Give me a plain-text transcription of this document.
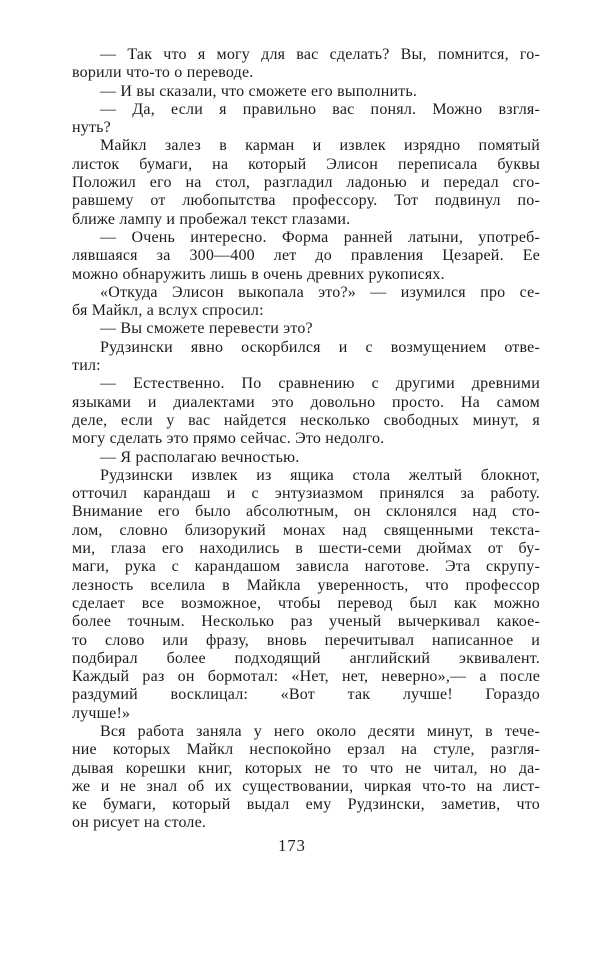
— Так что я могу для вас сделать? Вы, помнится, го-
ворили что-то о переводе.
— И вы сказали, что сможете его выполнить.
— Да, если я правильно вас понял. Можно взгля-
нуть?
Майкл залез в карман и извлек изрядно помятый
листок бумаги, на который Элисон переписала буквы
Положил его на стол, разгладил ладонью и передал сго-
равшему от любопытства профессору. Тот подвинул по-
ближе лампу и пробежал текст глазами.
— Очень интересно. Форма ранней латыни, употреб-
лявшаяся за 300—400 лет до правления Цезарей. Ее
можно обнаружить лишь в очень древних рукописях.
«Откуда Элисон выкопала это?» — изумился про се-
бя Майкл, а вслух спросил:
— Вы сможете перевести это?
Рудзински явно оскорбился и с возмущением отве-
тил:
— Естественно. По сравнению с другими древними
языками и диалектами это довольно просто. На самом
деле, если у вас найдется несколько свободных минут, я
могу сделать это прямо сейчас. Это недолго.
— Я располагаю вечностью.
Рудзински извлек из ящика стола желтый блокнот,
отточил карандаш и с энтузиазмом принялся за работу.
Внимание его было абсолютным, он склонялся над сто-
лом, словно близорукий монах над священными текста-
ми, глаза его находились в шести-семи дюймах от бу-
маги, рука с карандашом зависла наготове. Эта скрупу-
лезность вселила в Майкла уверенность, что профессор
сделает все возможное, чтобы перевод был как можно
более точным. Несколько раз ученый вычеркивал какое-
то слово или фразу, вновь перечитывал написанное и
подбирал более подходящий английский эквивалент.
Каждый раз он бормотал: «Нет, нет, неверно»,— а после
раздумий восклицал: «Вот так лучше! Гораздо
лучше!»
Вся работа заняла у него около десяти минут, в тече-
ние которых Майкл неспокойно ерзал на стуле, разгля-
дывая корешки книг, которых не то что не читал, но да-
же и не знал об их существовании, чиркая что-то на лист-
ке бумаги, который выдал ему Рудзински, заметив, что
он рисует на столе.
173
